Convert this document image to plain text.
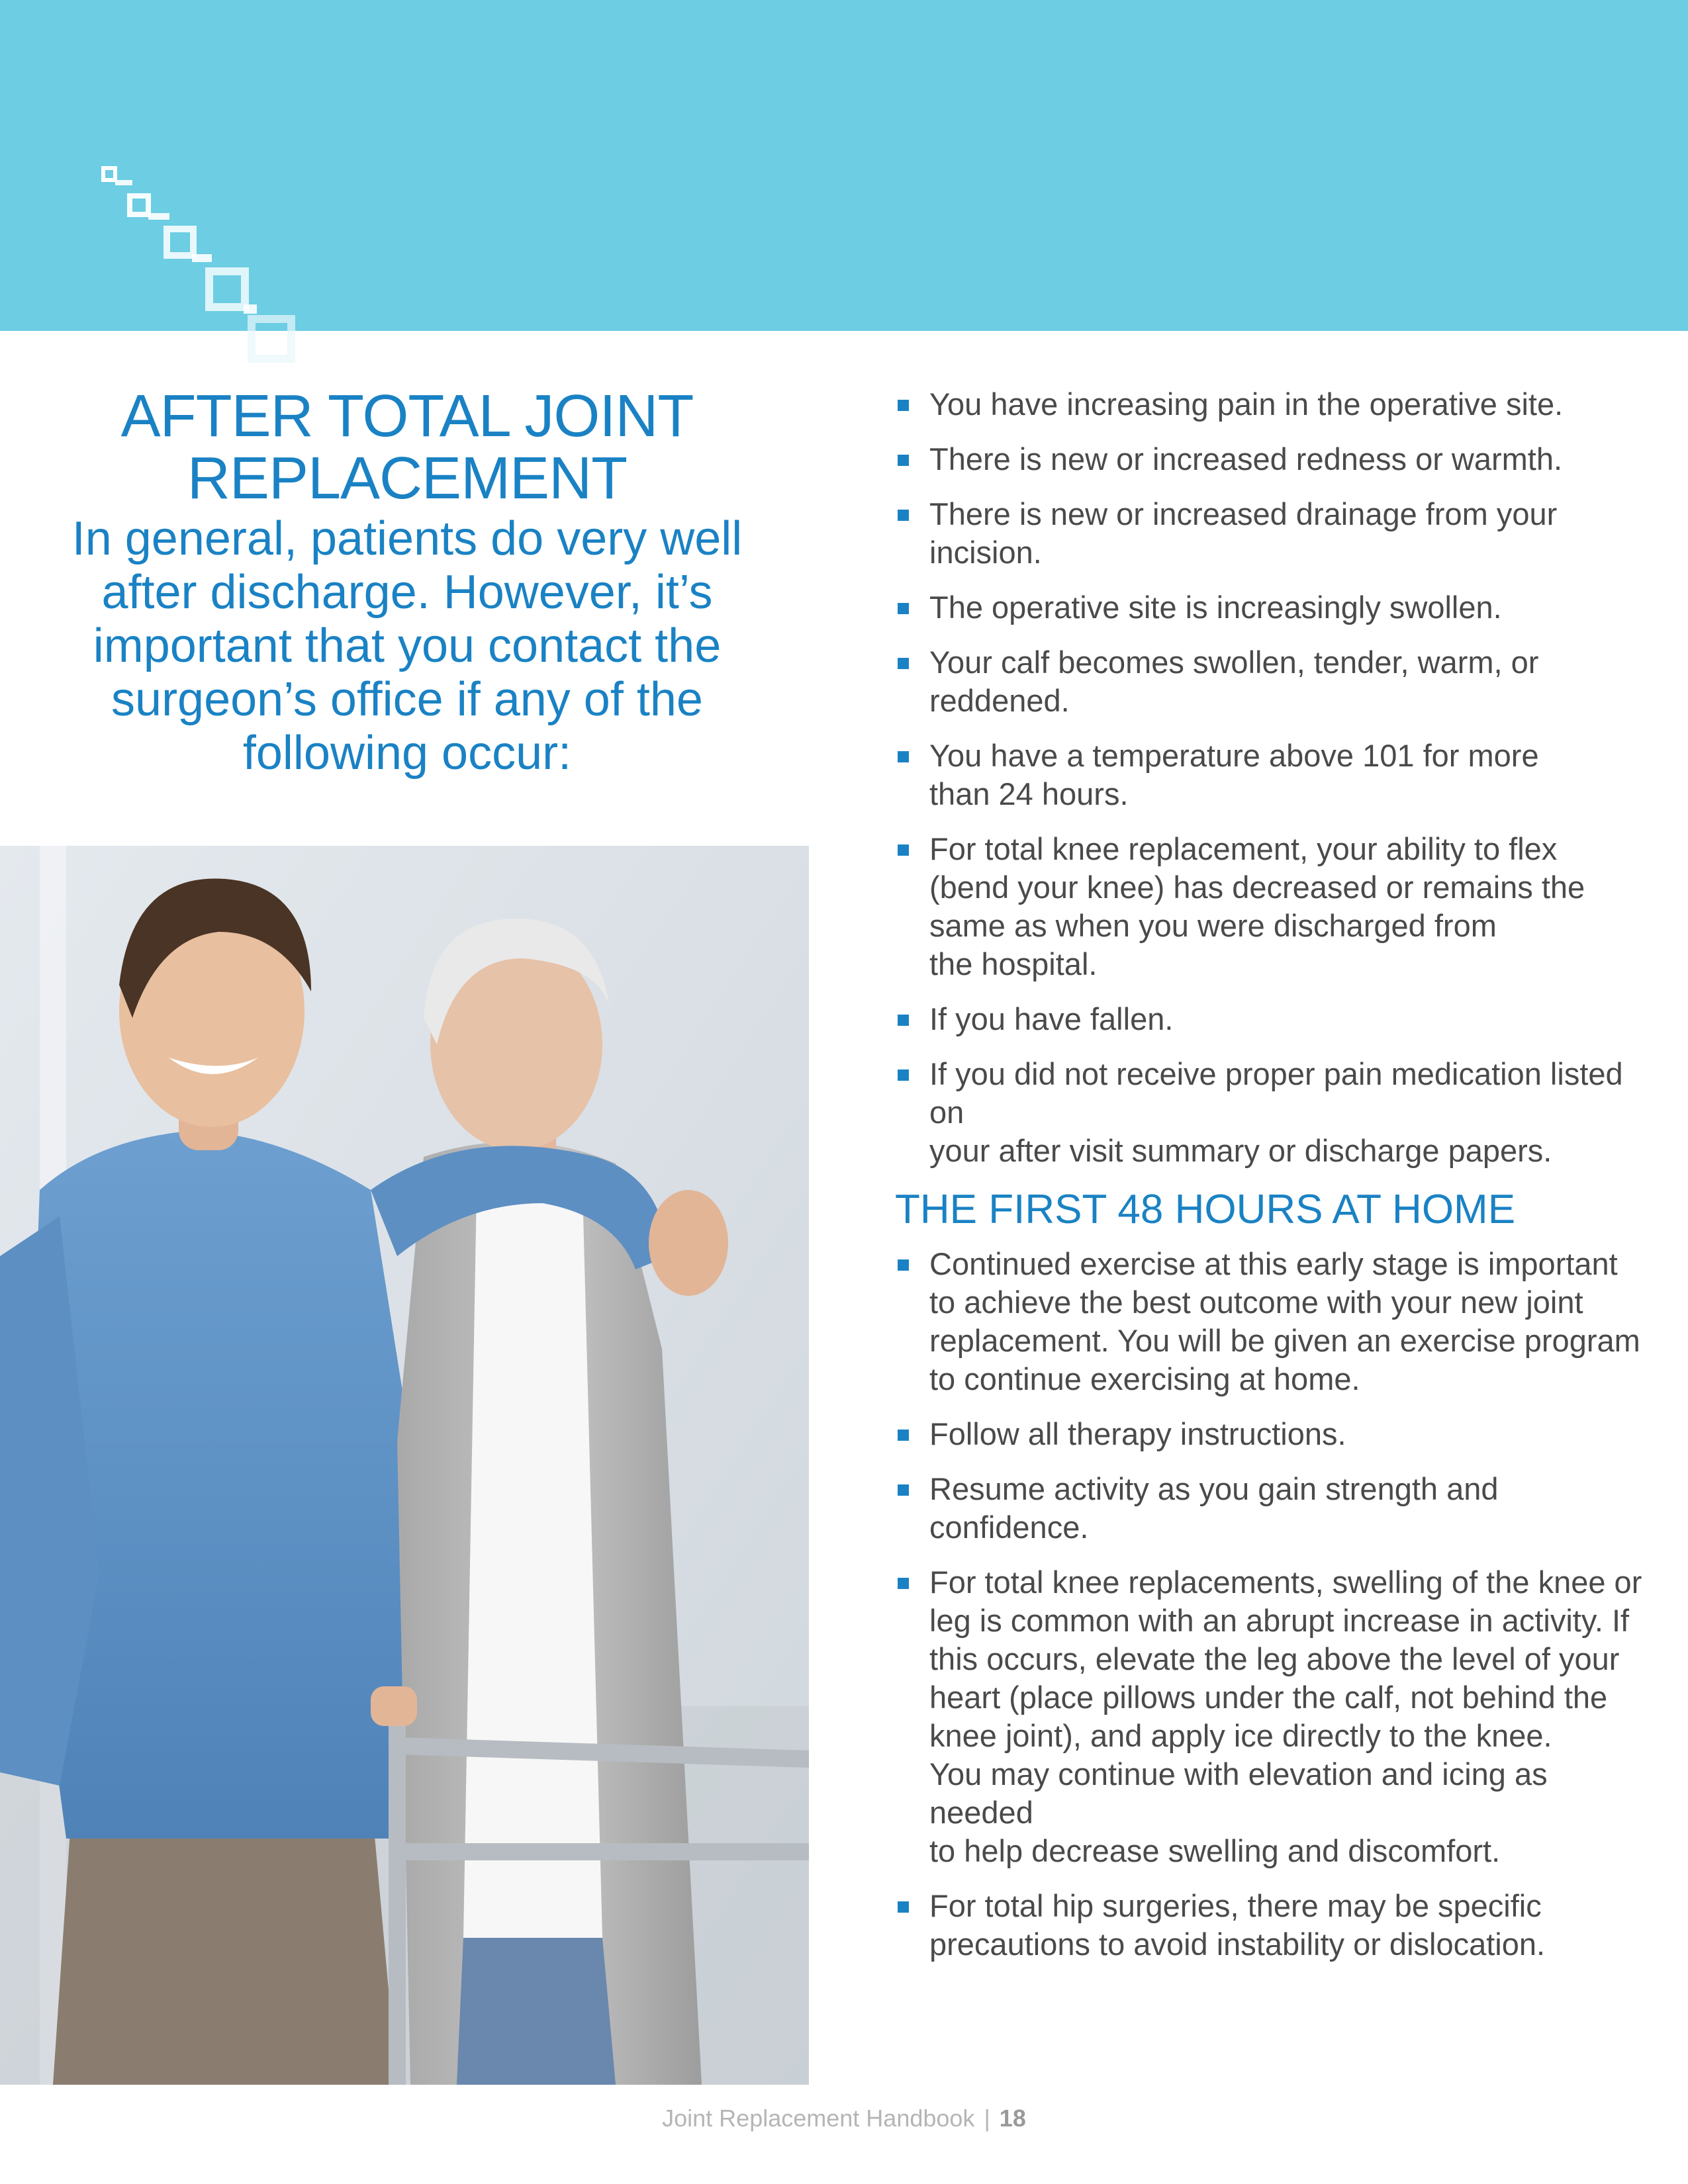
AFTER TOTAL JOINT
REPLACEMENT

In general, patients do very well
after discharge. However, it’s
important that you contact the
surgeon’s office if any of the
following occur:

You have increasing pain in the operative site.
There is new or increased redness or warmth.
There is new or increased drainage from your incision.
The operative site is increasingly swollen.
Your calf becomes swollen, tender, warm, or
reddened.
You have a temperature above 101 for more
than 24 hours.
For total knee replacement, your ability to flex
(bend your knee) has decreased or remains the
same as when you were discharged from
the hospital.
If you have fallen.
If you did not receive proper pain medication listed on
your after visit summary or discharge papers.
THE FIRST 48 HOURS AT HOME
Continued exercise at this early stage is important
to achieve the best outcome with your new joint
replacement. You will be given an exercise program
to continue exercising at home.
Follow all therapy instructions.
Resume activity as you gain strength and confidence.
For total knee replacements, swelling of the knee or
leg is common with an abrupt increase in activity. If
this occurs, elevate the leg above the level of your
heart (place pillows under the calf, not behind the
knee joint), and apply ice directly to the knee.
You may continue with elevation and icing as needed
to help decrease swelling and discomfort.
For total hip surgeries, there may be specific
precautions to avoid instability or dislocation.
Joint Replacement Handbook | 18
